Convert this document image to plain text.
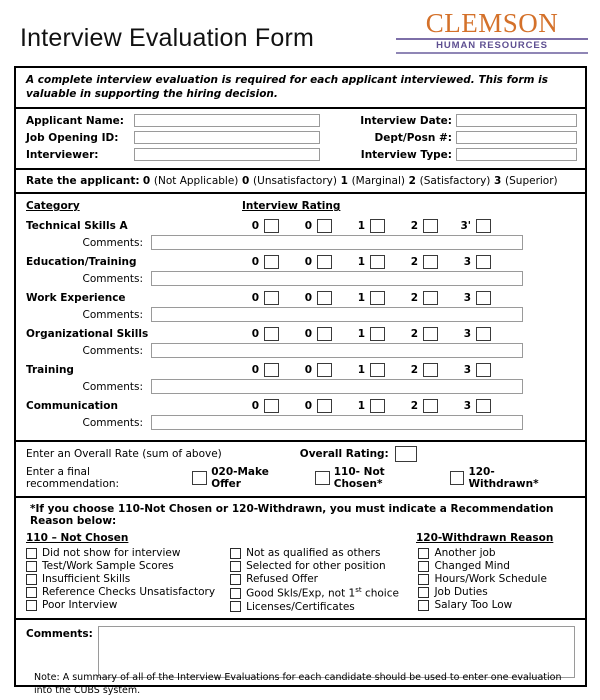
Interview Evaluation Form	CLEMSON
HUMAN RESOURCES
A complete interview evaluation is required for each applicant interviewed. This form is valuable in supporting the hiring decision.
Applicant Name:	Interview Date:
Job Opening ID:	Dept/Posn #:
Interviewer:	Interview Type:
Rate the applicant: 0 (Not Applicable) 0 (Unsatisfactory) 1 (Marginal) 2 (Satisfactory) 3 (Superior)
Category	Interview Rating
Technical Skills A	0	0	1	2	3'
Comments:
Education/Training	0	0	1	2	3
Comments:
Work Experience	0	0	1	2	3
Comments:
Organizational Skills	0	0	1	2	3
Comments:
Training	0	0	1	2	3
Comments:
Communication	0	0	1	2	3
Comments:
Enter an Overall Rate (sum of above)	Overall Rating:
Enter a final recommendation:
020-Make Offer
110- Not Chosen*
120-Withdrawn*
*If you choose 110-Not Chosen or 120-Withdrawn, you must indicate a Recommendation Reason below:
110 – Not Chosen	120-Withdrawn Reason
Did not show for interview
Test/Work Sample Scores
Insufficient Skills
Reference Checks Unsatisfactory
Poor Interview
Not as qualified as others
Selected for other position
Refused Offer
Good Skls/Exp, not 1st choice
Licenses/Certificates
Another job
Changed Mind
Hours/Work Schedule
Job Duties
Salary Too Low
Comments:
Note: A summary of all of the Interview Evaluations for each candidate should be used to enter one evaluation into the CUBS system.
